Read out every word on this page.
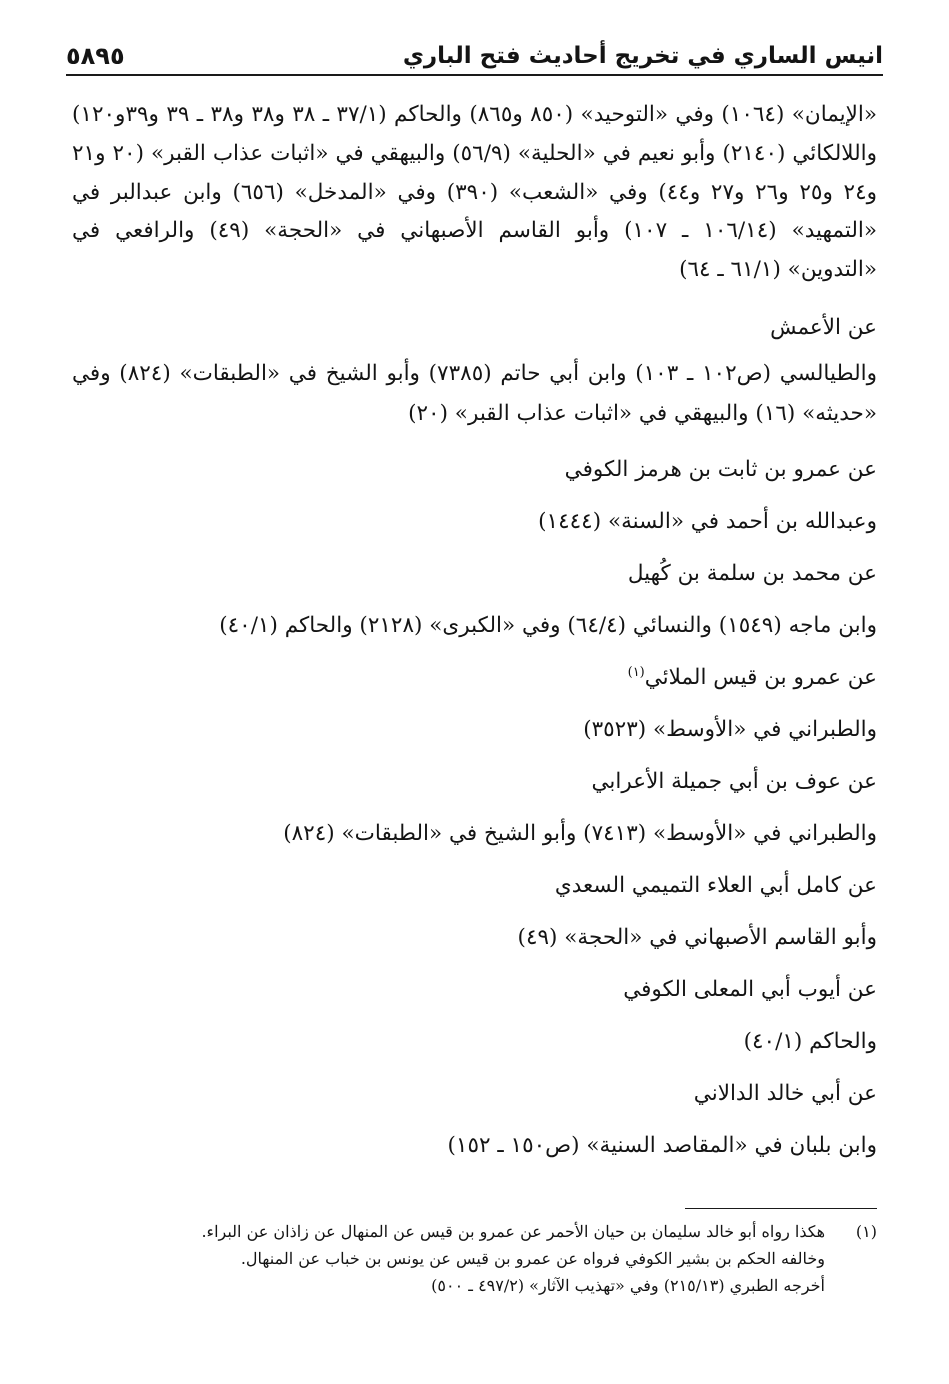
انيس الساري في تخريج أحاديث فتح الباري
٥٨٩٥

«الإيمان» (١٠٦٤) وفي «التوحيد» (٨٥٠ و٨٦٥) والحاكم (٣٧/١ ـ ٣٨ و٣٨ و٣٨ ـ ٣٩ و٣٩و١٢٠) واللالكائي (٢١٤٠) وأبو نعيم في «الحلية» (٥٦/٩) والبيهقي في «اثبات عذاب القبر» (٢٠ و٢١ و٢٤ و٢٥ و٢٦ و٢٧ و٤٤) وفي «الشعب» (٣٩٠) وفي «المدخل» (٦٥٦) وابن عبدالبر في «التمهيد» (١٠٦/١٤ ـ ١٠٧) وأبو القاسم الأصبهاني في «الحجة» (٤٩) والرافعي في «التدوين» (٦١/١ ـ ٦٤)

عن الأعمش

والطيالسي (ص١٠٢ ـ ١٠٣) وابن أبي حاتم (٧٣٨٥) وأبو الشيخ في «الطبقات» (٨٢٤) وفي «حديثه» (١٦) والبيهقي في «اثبات عذاب القبر» (٢٠)

عن عمرو بن ثابت بن هرمز الكوفي

وعبدالله بن أحمد في «السنة» (١٤٤٤)

عن محمد بن سلمة بن كُهيل

وابن ماجه (١٥٤٩) والنسائي (٦٤/٤) وفي «الكبرى» (٢١٢٨) والحاكم (٤٠/١)

عن عمرو بن قيس الملائي$^{(١)}$

والطبراني في «الأوسط» (٣٥٢٣)

عن عوف بن أبي جميلة الأعرابي

والطبراني في «الأوسط» (٧٤١٣) وأبو الشيخ في «الطبقات» (٨٢٤)

عن كامل أبي العلاء التميمي السعدي

وأبو القاسم الأصبهاني في «الحجة» (٤٩)

عن أيوب أبي المعلى الكوفي

والحاكم (٤٠/١)

عن أبي خالد الدالاني

وابن بلبان في «المقاصد السنية» (ص١٥٠ ـ ١٥٢)

(١)
هكذا رواه أبو خالد سليمان بن حيان الأحمر عن عمرو بن قيس عن المنهال عن زاذان عن البراء.
وخالفه الحكم بن بشير الكوفي فرواه عن عمرو بن قيس عن يونس بن خباب عن المنهال.
أخرجه الطبري (٢١٥/١٣) وفي «تهذيب الآثار» (٤٩٧/٢ ـ ٥٠٠)
